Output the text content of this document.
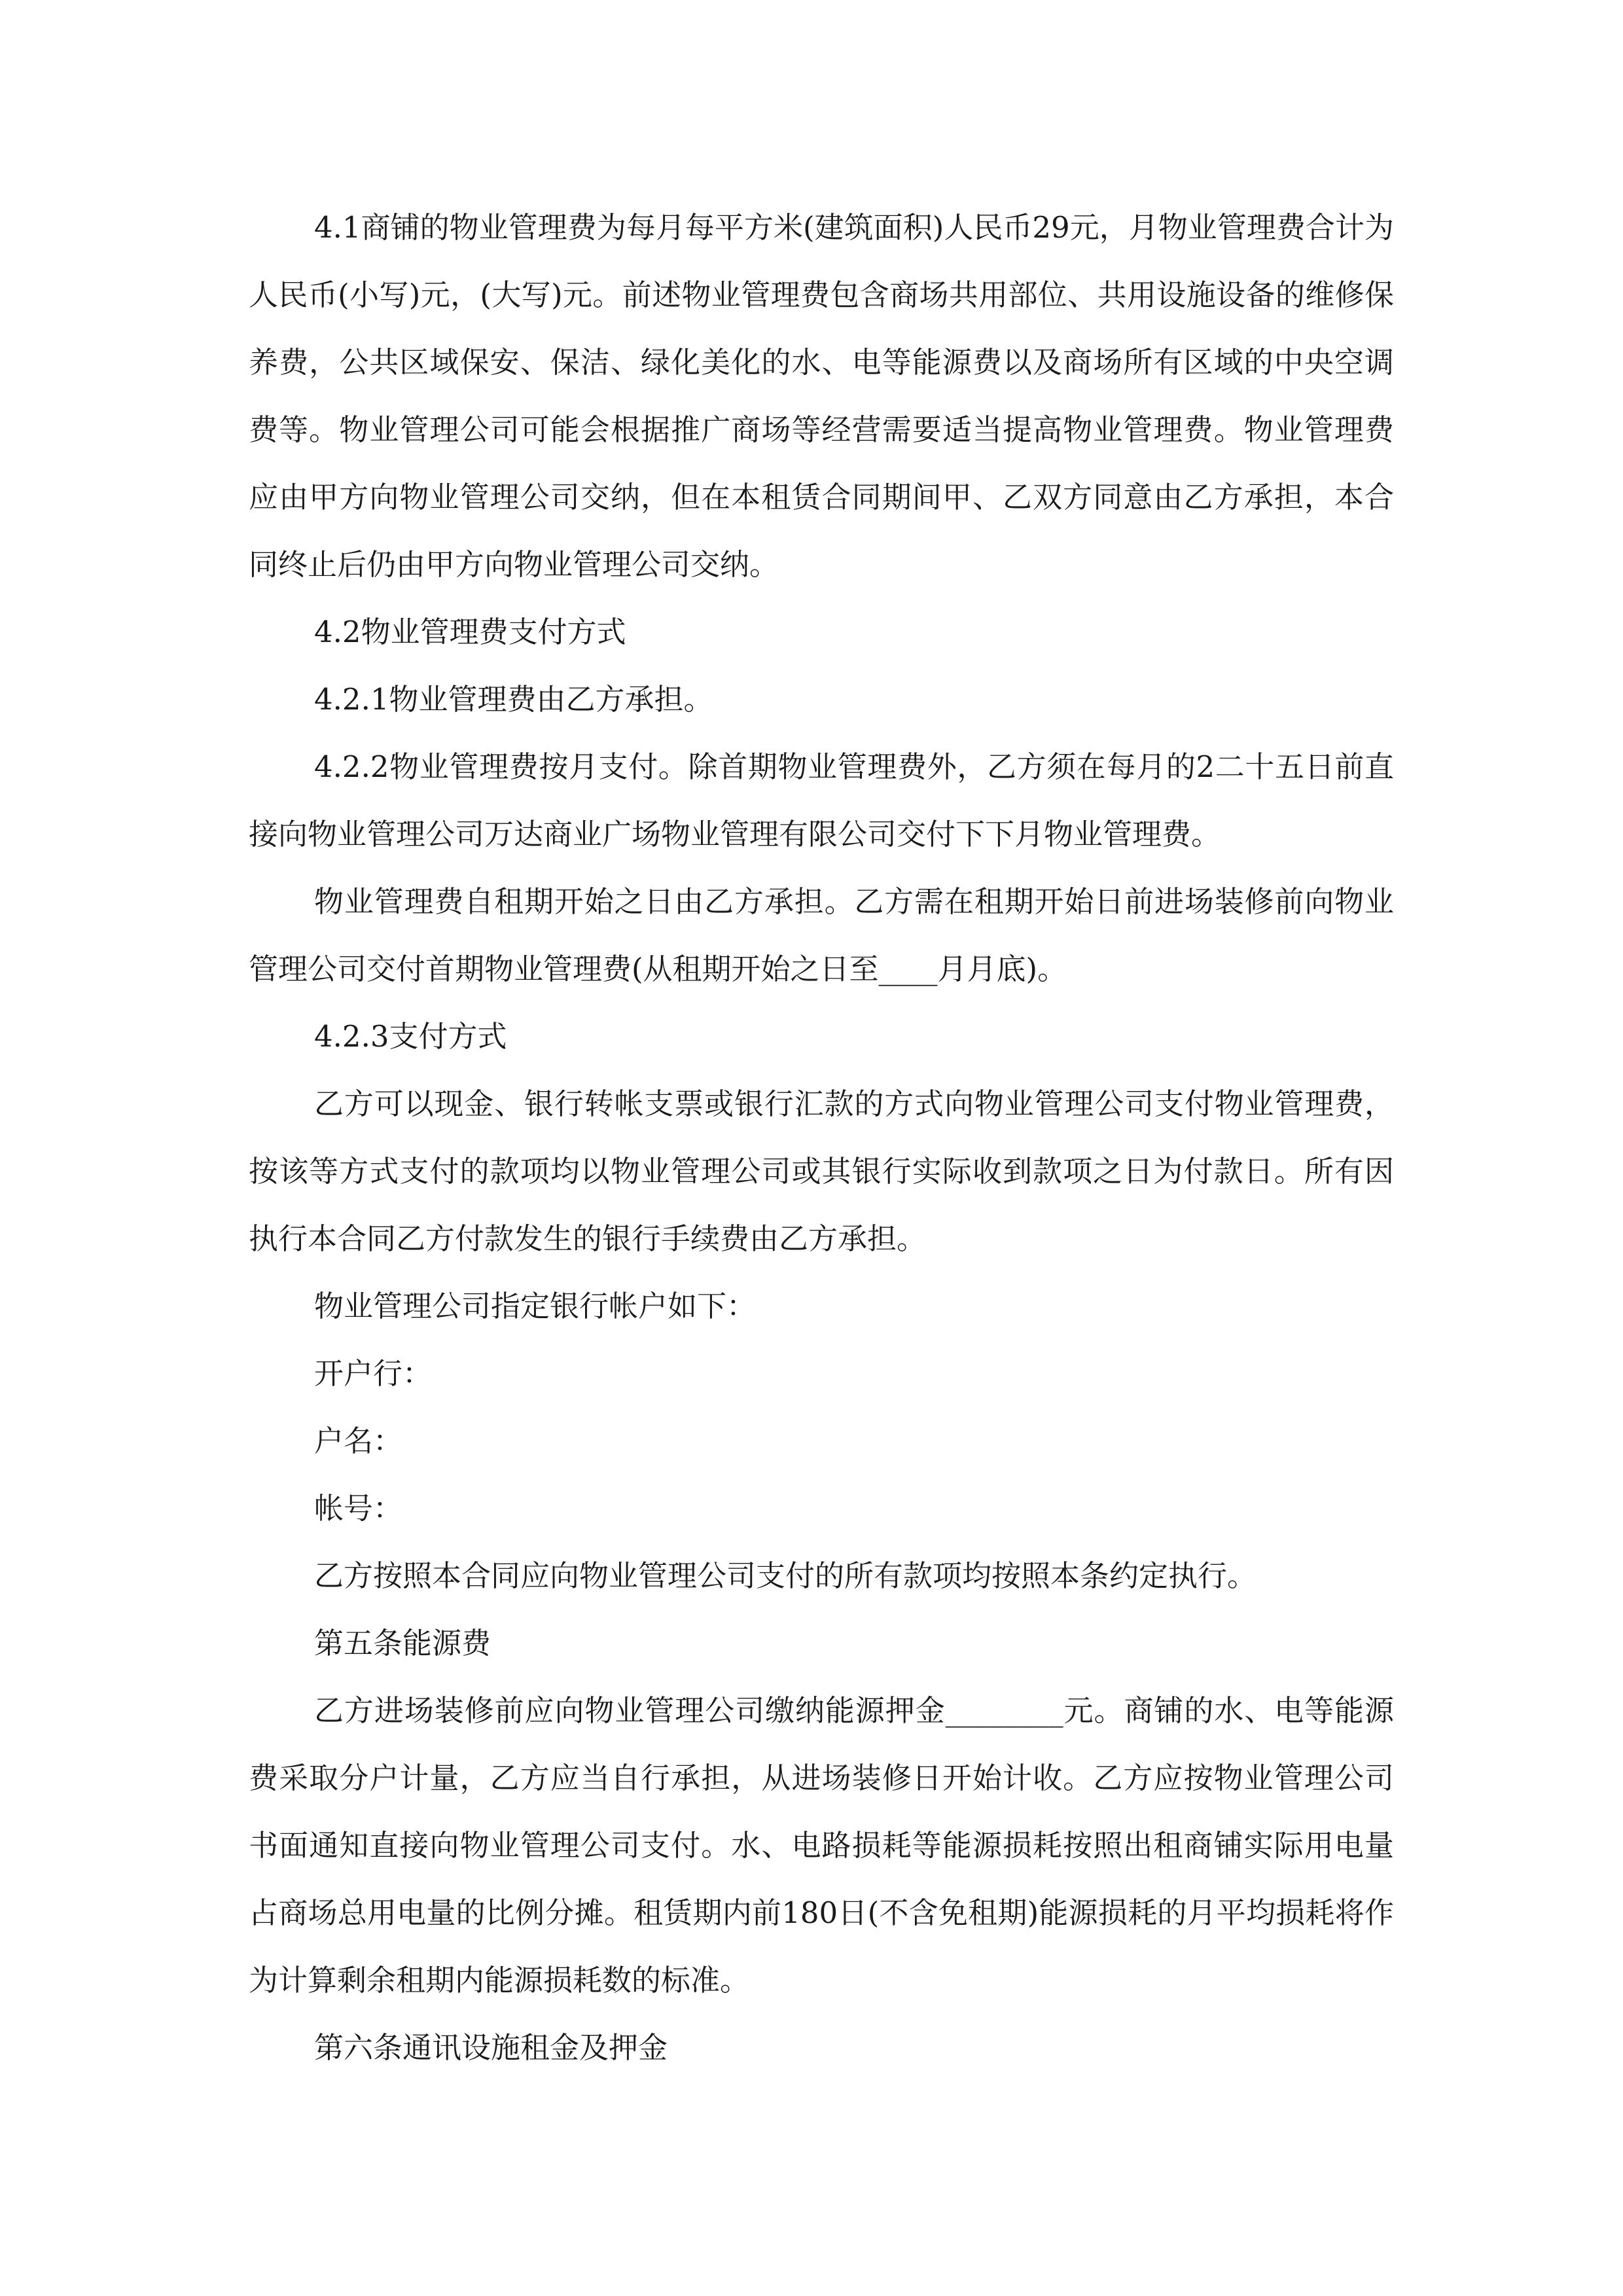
4.1商铺的物业管理费为每月每平方米(建筑面积)人民币29元，月物业管理费合计为人民币(小写)元，(大写)元。前述物业管理费包含商场共用部位、共用设施设备的维修保养费，公共区域保安、保洁、绿化美化的水、电等能源费以及商场所有区域的中央空调费等。物业管理公司可能会根据推广商场等经营需要适当提高物业管理费。物业管理费应由甲方向物业管理公司交纳，但在本租赁合同期间甲、乙双方同意由乙方承担，本合同终止后仍由甲方向物业管理公司交纳。

4.2物业管理费支付方式

4.2.1物业管理费由乙方承担。

4.2.2物业管理费按月支付。除首期物业管理费外，乙方须在每月的2二十五日前直接向物业管理公司万达商业广场物业管理有限公司交付下下月物业管理费。

物业管理费自租期开始之日由乙方承担。乙方需在租期开始日前进场装修前向物业管理公司交付首期物业管理费(从租期开始之日至____月月底)。

4.2.3支付方式

乙方可以现金、银行转帐支票或银行汇款的方式向物业管理公司支付物业管理费，按该等方式支付的款项均以物业管理公司或其银行实际收到款项之日为付款日。所有因执行本合同乙方付款发生的银行手续费由乙方承担。

物业管理公司指定银行帐户如下：

开户行：

户名：

帐号：

乙方按照本合同应向物业管理公司支付的所有款项均按照本条约定执行。

第五条能源费

乙方进场装修前应向物业管理公司缴纳能源押金________元。商铺的水、电等能源费采取分户计量，乙方应当自行承担，从进场装修日开始计收。乙方应按物业管理公司书面通知直接向物业管理公司支付。水、电路损耗等能源损耗按照出租商铺实际用电量占商场总用电量的比例分摊。租赁期内前180日(不含免租期)能源损耗的月平均损耗将作为计算剩余租期内能源损耗数的标准。

第六条通讯设施租金及押金
